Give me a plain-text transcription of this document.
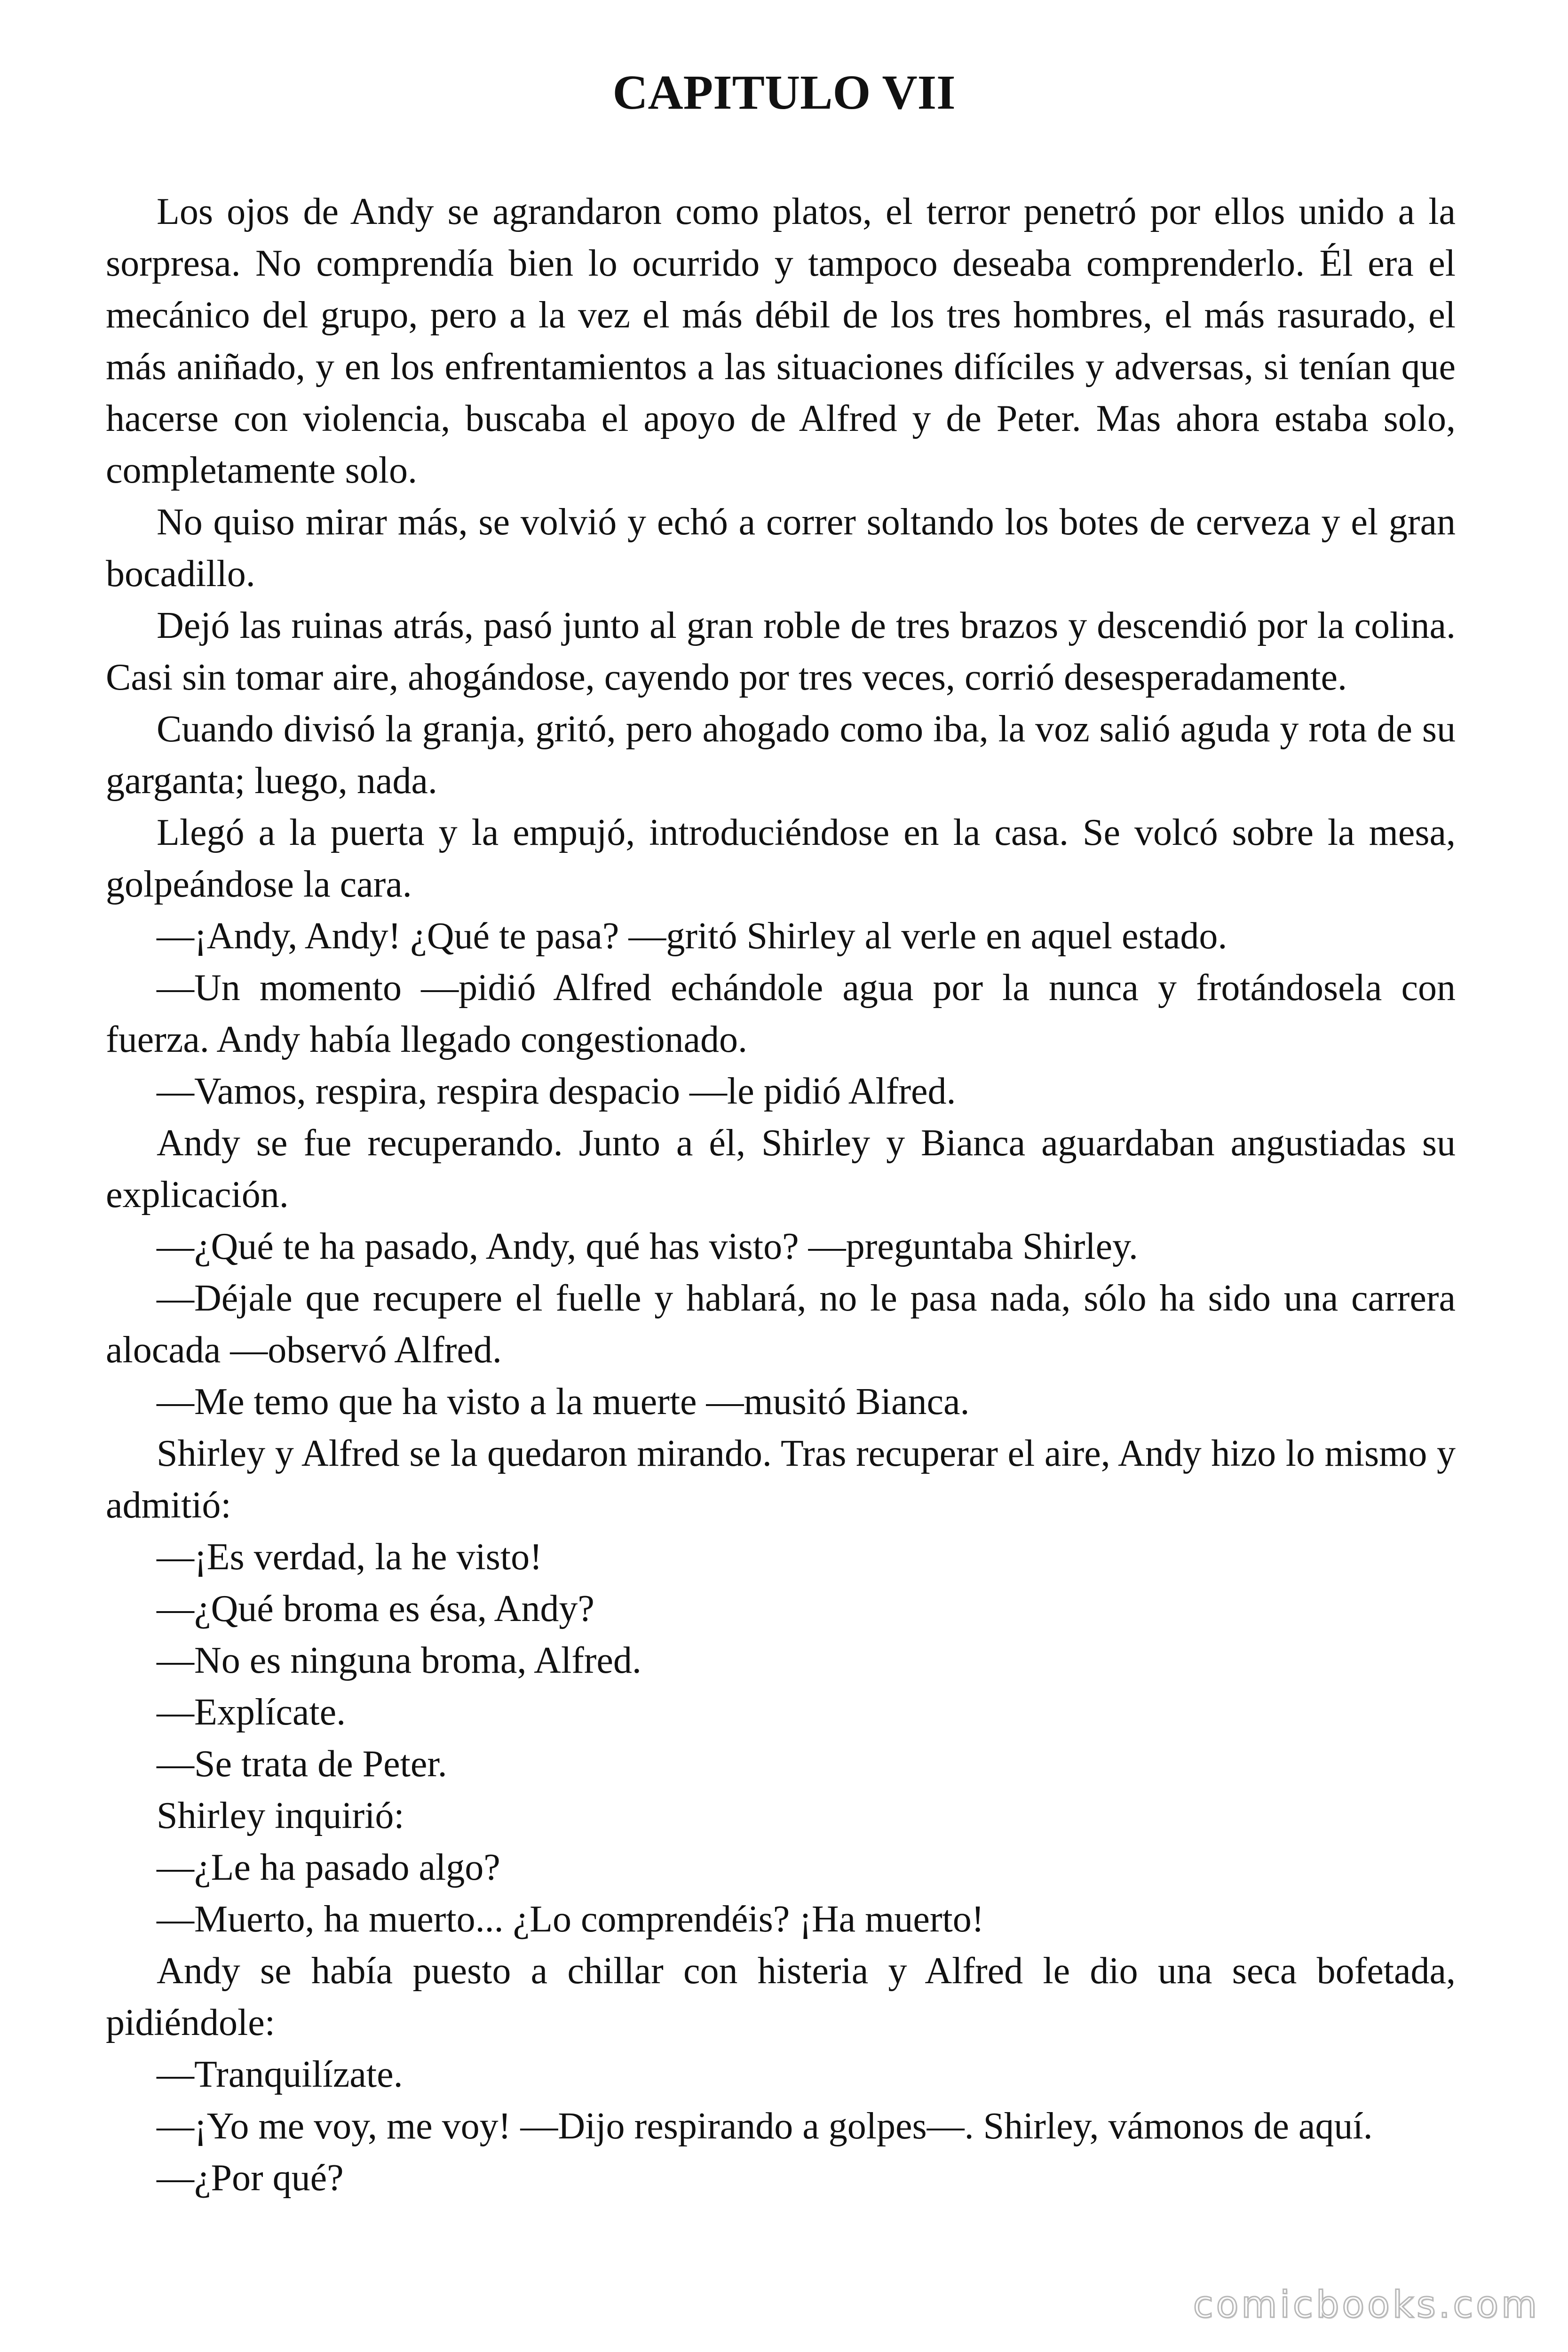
CAPITULO VII

Los ojos de Andy se agrandaron como platos, el terror penetró por ellos unido a la sorpresa. No comprendía bien lo ocurrido y tampoco deseaba comprenderlo. Él era el mecánico del grupo, pero a la vez el más débil de los tres hombres, el más rasurado, el más aniñado, y en los enfrentamientos a las situaciones difíciles y adversas, si tenían que hacerse con violencia, buscaba el apoyo de Alfred y de Peter. Mas ahora estaba solo, completamente solo.

No quiso mirar más, se volvió y echó a correr soltando los botes de cerveza y el gran bocadillo.

Dejó las ruinas atrás, pasó junto al gran roble de tres brazos y descendió por la colina. Casi sin tomar aire, ahogándose, cayendo por tres veces, corrió desesperadamente.

Cuando divisó la granja, gritó, pero ahogado como iba, la voz salió aguda y rota de su garganta; luego, nada.

Llegó a la puerta y la empujó, introduciéndose en la casa. Se volcó sobre la mesa, golpeándose la cara.

—¡Andy, Andy! ¿Qué te pasa? —gritó Shirley al verle en aquel estado.

—Un momento —pidió Alfred echándole agua por la nunca y frotándosela con fuerza. Andy había llegado congestionado.

—Vamos, respira, respira despacio —le pidió Alfred.

Andy se fue recuperando. Junto a él, Shirley y Bianca aguardaban angustiadas su explicación.

—¿Qué te ha pasado, Andy, qué has visto? —preguntaba Shirley.

—Déjale que recupere el fuelle y hablará, no le pasa nada, sólo ha sido una carrera alocada —observó Alfred.

—Me temo que ha visto a la muerte —musitó Bianca.

Shirley y Alfred se la quedaron mirando. Tras recuperar el aire, Andy hizo lo mismo y admitió:

—¡Es verdad, la he visto!

—¿Qué broma es ésa, Andy?

—No es ninguna broma, Alfred.

—Explícate.

—Se trata de Peter.

Shirley inquirió:

—¿Le ha pasado algo?

—Muerto, ha muerto... ¿Lo comprendéis? ¡Ha muerto!

Andy se había puesto a chillar con histeria y Alfred le dio una seca bofetada, pidiéndole:

—Tranquilízate.

—¡Yo me voy, me voy! —Dijo respirando a golpes—. Shirley, vámonos de aquí.

—¿Por qué?

comicbooks.com
